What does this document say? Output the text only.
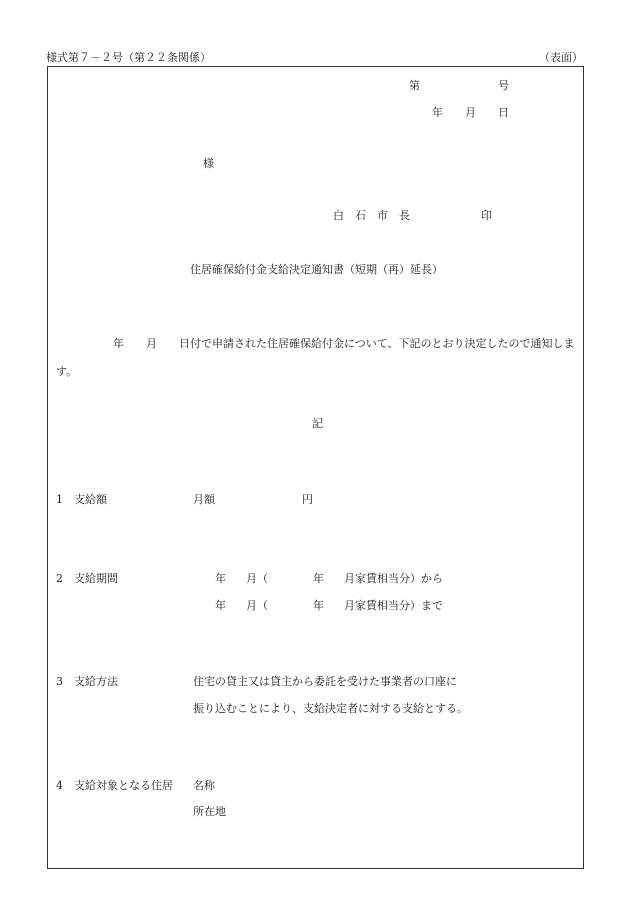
様式第７－２号（第２２条関係）	（表面）
第	号
年 月 日
様
白　石　市　長	印
住居確保給付金支給決定通知書（短期（再）延長）
年 月 日付で申請された住居確保給付金について、下記のとおり決定したので通知しま
す。
記
1 支給額	月額	円
2 支給期間	年 月（	年 月家賃相当分）から
年 月（	年 月家賃相当分）まで
3 支給方法	住宅の貸主又は貸主から委託を受けた事業者の口座に
振り込むことにより、支給決定者に対する支給とする。
4 支給対象となる住居 名称
所在地
